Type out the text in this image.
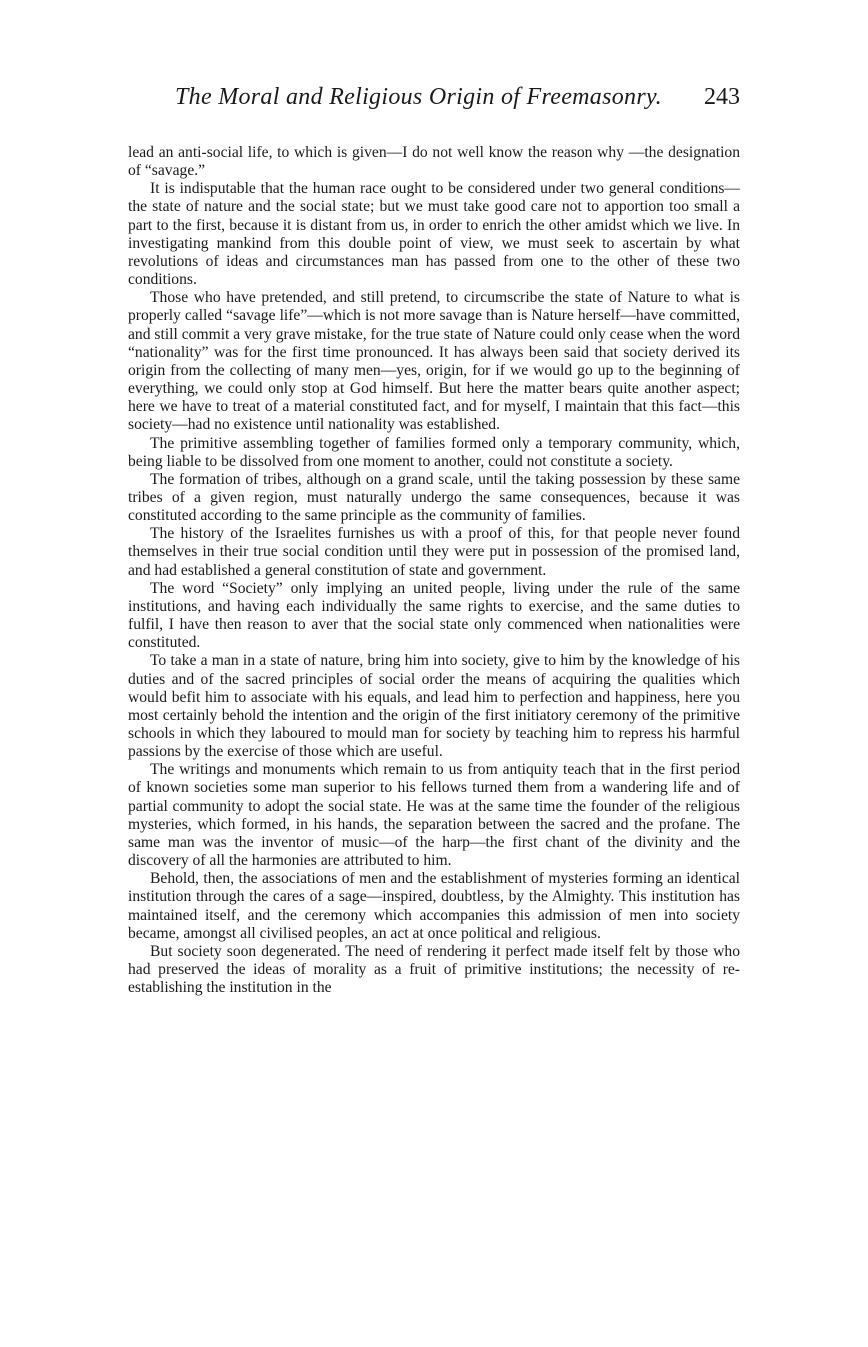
The Moral and Religious Origin of Freemasonry. 243

lead an anti-social life, to which is given—I do not well know the reason why —the designation of “savage.”

It is indisputable that the human race ought to be considered under two general conditions—the state of nature and the social state; but we must take good care not to apportion too small a part to the first, because it is distant from us, in order to enrich the other amidst which we live. In investigating mankind from this double point of view, we must seek to ascertain by what revolutions of ideas and circumstances man has passed from one to the other of these two conditions.

Those who have pretended, and still pretend, to circumscribe the state of Nature to what is properly called “savage life”—which is not more savage than is Nature herself—have committed, and still commit a very grave mistake, for the true state of Nature could only cease when the word “nationality” was for the first time pronounced. It has always been said that society derived its origin from the collecting of many men—yes, origin, for if we would go up to the beginning of everything, we could only stop at God himself. But here the matter bears quite another aspect; here we have to treat of a material constituted fact, and for myself, I maintain that this fact—this society—had no existence until nationality was established.

The primitive assembling together of families formed only a temporary community, which, being liable to be dissolved from one moment to another, could not constitute a society.

The formation of tribes, although on a grand scale, until the taking possession by these same tribes of a given region, must naturally undergo the same consequences, because it was constituted according to the same principle as the community of families.

The history of the Israelites furnishes us with a proof of this, for that people never found themselves in their true social condition until they were put in possession of the promised land, and had established a general constitution of state and government.

The word “Society” only implying an united people, living under the rule of the same institutions, and having each individually the same rights to exercise, and the same duties to fulfil, I have then reason to aver that the social state only commenced when nationalities were constituted.

To take a man in a state of nature, bring him into society, give to him by the knowledge of his duties and of the sacred principles of social order the means of acquiring the qualities which would befit him to associate with his equals, and lead him to perfection and happiness, here you most certainly behold the intention and the origin of the first initiatory ceremony of the primitive schools in which they laboured to mould man for society by teaching him to repress his harmful passions by the exercise of those which are useful.

The writings and monuments which remain to us from antiquity teach that in the first period of known societies some man superior to his fellows turned them from a wandering life and of partial community to adopt the social state. He was at the same time the founder of the religious mysteries, which formed, in his hands, the separation between the sacred and the profane. The same man was the inventor of music—of the harp—the first chant of the divinity and the discovery of all the harmonies are attributed to him.

Behold, then, the associations of men and the establishment of mysteries forming an identical institution through the cares of a sage—inspired, doubtless, by the Almighty. This institution has maintained itself, and the ceremony which accompanies this admission of men into society became, amongst all civilised peoples, an act at once political and religious.

But society soon degenerated. The need of rendering it perfect made itself felt by those who had preserved the ideas of morality as a fruit of primitive institutions; the necessity of re-establishing the institution in the
